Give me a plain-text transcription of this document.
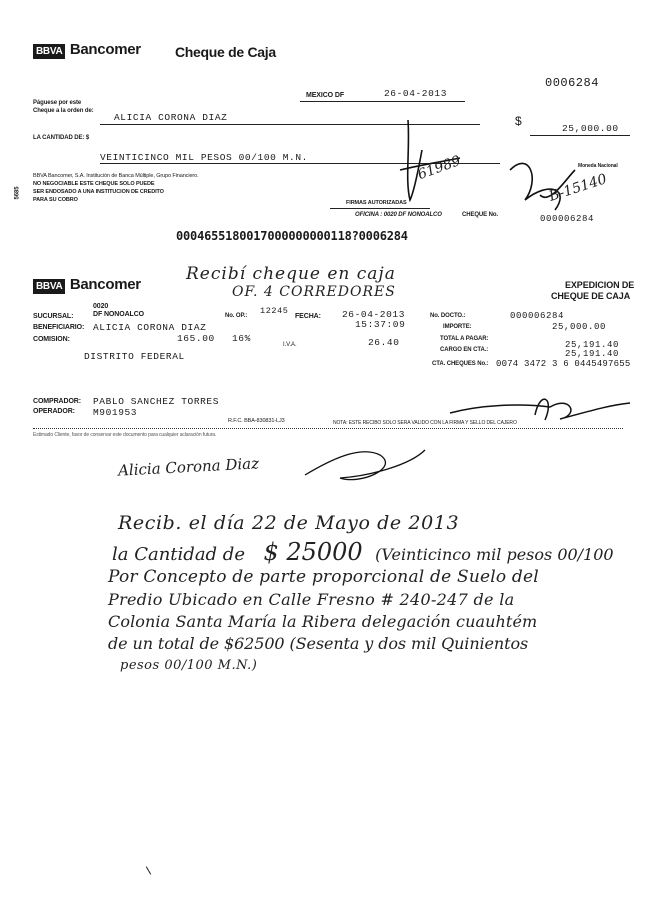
BBVA Bancomer Cheque de Caja
0006284
MEXICO DF	26-04-2013
Páguese por este
Cheque a la orden de:
ALICIA CORONA DIAZ	$
25,000.00
LA CANTIDAD DE: $
VEINTICINCO MIL PESOS 00/100 M.N.
Moneda Nacional
5685
BBVA Bancomer, S.A. Institución de Banca Múltiple, Grupo Financiero.
NO NEGOCIABLE ESTE CHEQUE SOLO PUEDE
SER ENDOSADO A UNA INSTITUCION DE CREDITO
PARA SU COBRO	FIRMAS AUTORIZADAS
OFICINA : 0020 DF NONOALCO	CHEQUE No.	000006284
61989
B-15140
0004655180017000000000118?0006284
BBVA Bancomer
Recibí cheque en caja
OF. 4 CORREDORES	EXPEDICION DE
CHEQUE DE CAJA
SUCURSAL:
0020
DF NONOALCO	No. OP.: 12245
FECHA: 26-04-2013
15:37:09
No. DOCTO.:	000006284
BENEFICIARIO: ALICIA CORONA DIAZ	IMPORTE:	25,000.00
COMISION:	165.00 16%
I.V.A.	26.40	TOTAL A PAGAR:
25,191.40
CARGO EN CTA.:	25,191.40
DISTRITO FEDERAL
CTA. CHEQUES No.: 0074 3472 3 6 0445497655
COMPRADOR: PABLO SANCHEZ TORRES
OPERADOR: M901953
R.F.C. BBA-830831-LJ3	NOTA: ESTE RECIBO SOLO SERA VALIDO CON LA FIRMA Y SELLO DEL CAJERO
Estimado Cliente, favor de conservar este documento para cualquier aclaración futura.
Alicia Corona Diaz
Recib. el día 22 de Mayo de 2013
la Cantidad de $ 25000 (Veinticinco mil pesos 00/100
Por Concepto de parte proporcional de Suelo del
Predio Ubicado en Calle Fresno # 240-247 de la
Colonia Santa María la Ribera delegación cuauhtém
de un total de $62500 (Sesenta y dos mil Quinientos
pesos 00/100 M.N.)
